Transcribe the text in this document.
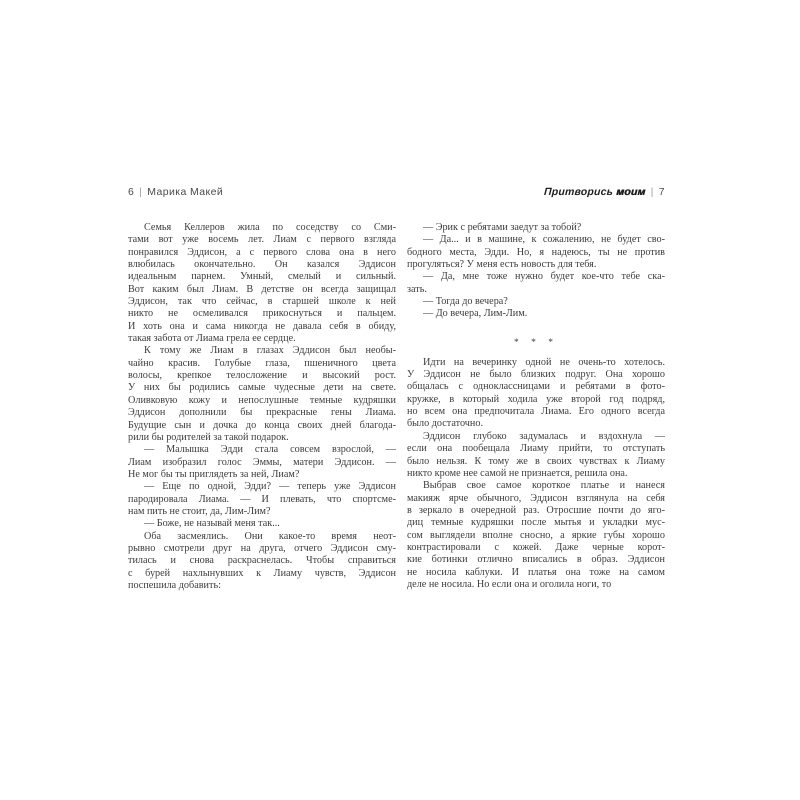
6 | Марика Макей
Семья Келлеров жила по соседству со Сми-
тами вот уже восемь лет. Лиам с первого взгляда
понравился Эддисон, а с первого слова она в него
влюбилась окончательно. Он казался Эддисон
идеальным парнем. Умный, смелый и сильный.
Вот каким был Лиам. В детстве он всегда защищал
Эддисон, так что сейчас, в старшей школе к ней
никто не осмеливался прикоснуться и пальцем.
И хоть она и сама никогда не давала себя в обиду,
такая забота от Лиама грела ее сердце.
К тому же Лиам в глазах Эддисон был необы-
чайно красив. Голубые глаза, пшеничного цвета
волосы, крепкое телосложение и высокий рост.
У них бы родились самые чудесные дети на свете.
Оливковую кожу и непослушные темные кудряшки
Эддисон дополнили бы прекрасные гены Лиама.
Будущие сын и дочка до конца своих дней благода-
рили бы родителей за такой подарок.
— Малышка Эдди стала совсем взрослой, —
Лиам изобразил голос Эммы, матери Эддисон. —
Не мог бы ты приглядеть за ней, Лиам?
— Еще по одной, Эдди? — теперь уже Эддисон
пародировала Лиама. — И плевать, что спортсме-
нам пить не стоит, да, Лим-Лим?
— Боже, не называй меня так...
Оба засмеялись. Они какое-то время неот-
рывно смотрели друг на друга, отчего Эддисон сму-
тилась и снова раскраснелась. Чтобы справиться
с бурей нахлынувших к Лиаму чувств, Эддисон
поспешила добавить:
Притворись моим | 7
— Эрик с ребятами заедут за тобой?
— Да... и в машине, к сожалению, не будет сво-
бодного места, Эдди. Но, я надеюсь, ты не против
прогуляться? У меня есть новость для тебя.
— Да, мне тоже нужно будет кое-что тебе ска-
зать.
— Тогда до вечера?
— До вечера, Лим-Лим.
* * *
Идти на вечеринку одной не очень-то хотелось.
У Эддисон не было близких подруг. Она хорошо
общалась с одноклассницами и ребятами в фото-
кружке, в который ходила уже второй год подряд,
но всем она предпочитала Лиама. Его одного всегда
было достаточно.
Эддисон глубоко задумалась и вздохнула —
если она пообещала Лиаму прийти, то отступать
было нельзя. К тому же в своих чувствах к Лиаму
никто кроме нее самой не признается, решила она.
Выбрав свое самое короткое платье и нанеся
макияж ярче обычного, Эддисон взглянула на себя
в зеркало в очередной раз. Отросшие почти до яго-
диц темные кудряшки после мытья и укладки мус-
сом выглядели вполне сносно, а яркие губы хорошо
контрастировали с кожей. Даже черные корот-
кие ботинки отлично вписались в образ. Эддисон
не носила каблуки. И платья она тоже на самом
деле не носила. Но если она и оголила ноги, то
